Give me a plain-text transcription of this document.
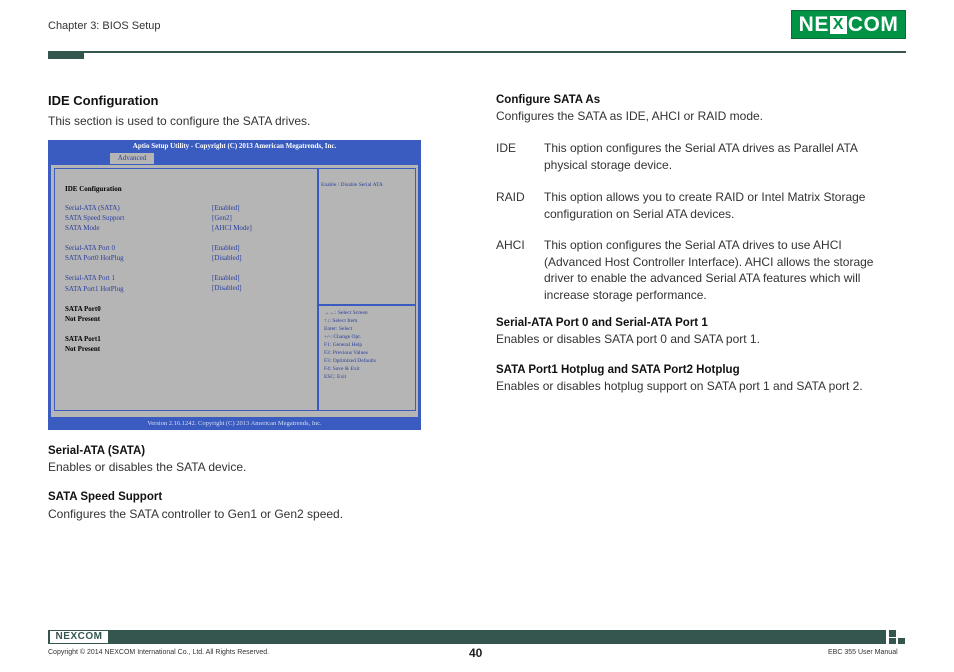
Chapter 3: BIOS Setup	NE X COM
IDE Configuration
This section is used to configure the SATA drives.
Aptio Setup Utility - Copyright (C) 2013 American Megatrends, Inc.
Advanced
IDE Configuration
Serial-ATA (SATA)	[Enabled]
SATA Speed Support	[Gen2]
SATA Mode	[AHCI Mode]
Serial-ATA Port 0	[Enabled]
SATA Port0 HotPlug	[Disabled]
Serial-ATA Port 1	[Enabled]
SATA Port1 HotPlug	[Disabled]
SATA Port0
Not Present
SATA Port1
Not Present
Enable / Disable Serial ATA
→←: Select Screen
↑↓: Select Item
Enter: Select
+/-: Change Opt.
F1: General Help
F2: Previous Values
F3: Optimized Defaults
F4: Save & Exit
ESC: Exit
Version 2.16.1242. Copyright (C) 2013 American Megatrends, Inc.
Serial-ATA (SATA)
Enables or disables the SATA device.
SATA Speed Support
Configures the SATA controller to Gen1 or Gen2 speed.
Configure SATA As
Configures the SATA as IDE, AHCI or RAID mode.
IDE This option configures the Serial ATA drives as Parallel ATA physical storage device.
RAID This option allows you to create RAID or Intel Matrix Storage configuration on Serial ATA devices.
AHCI This option configures the Serial ATA drives to use AHCI (Advanced Host Controller Interface). AHCI allows the storage driver to enable the advanced Serial ATA features which will increase storage performance.
Serial-ATA Port 0 and Serial-ATA Port 1
Enables or disables SATA port 0 and SATA port 1.
SATA Port1 Hotplug and SATA Port2 Hotplug
Enables or disables hotplug support on SATA port 1 and SATA port 2.
NEXCOM
Copyright © 2014 NEXCOM International Co., Ltd. All Rights Reserved.	40	EBC 355 User Manual
